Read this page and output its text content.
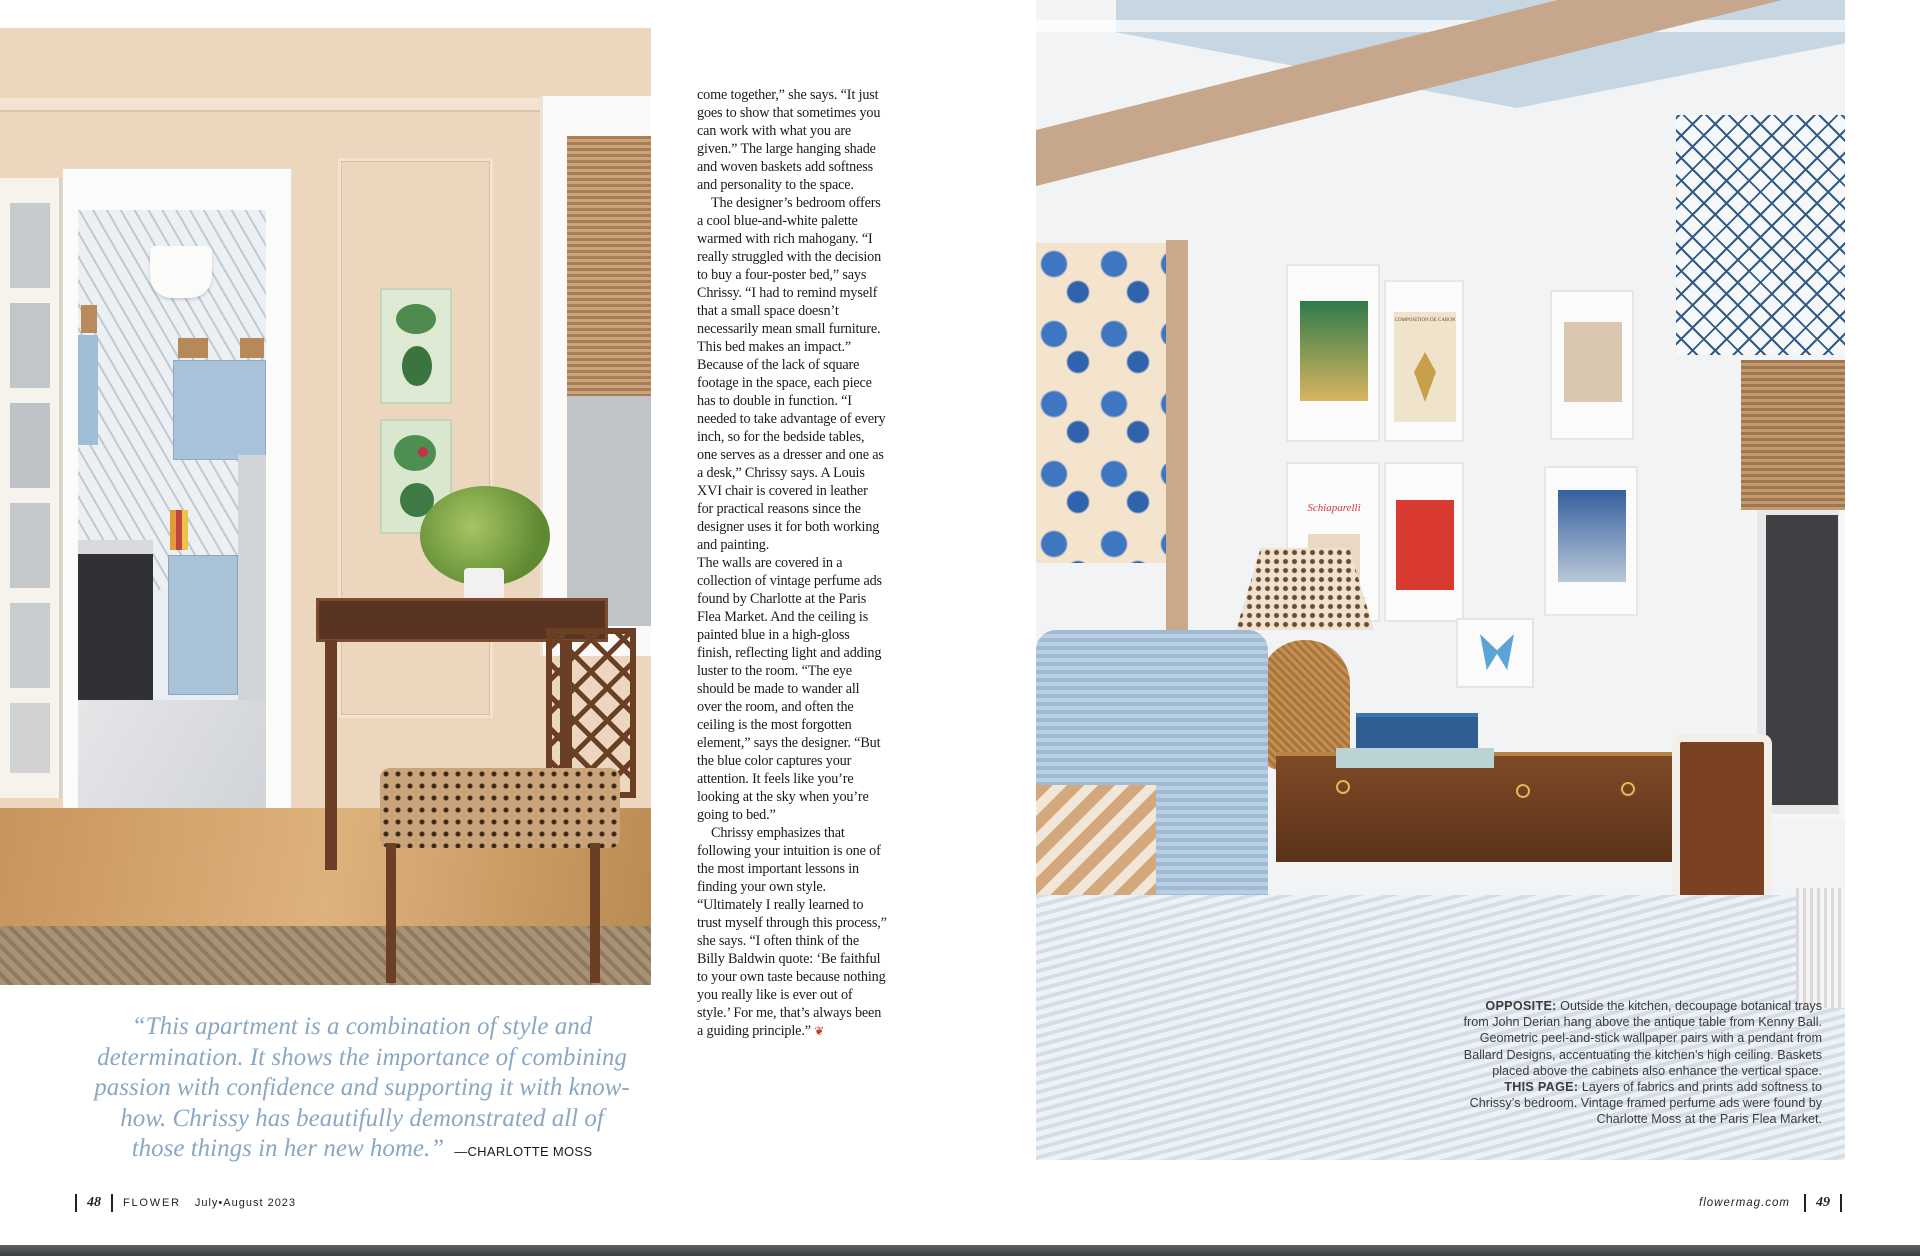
come together,” she says. “It just goes to show that sometimes you can work with what you are given.” The large hanging shade and woven baskets add softness and personality to the space.

The designer’s bedroom offers a cool blue-and-white palette warmed with rich mahogany. “I really struggled with the decision to buy a four-poster bed,” says Chrissy. “I had to remind myself that a small space doesn’t necessarily mean small furniture. This bed makes an impact.” Because of the lack of square footage in the space, each piece has to double in function. “I needed to take advantage of every inch, so for the bedside tables, one serves as a dresser and one as a desk,” Chrissy says. A Louis XVI chair is covered in leather for practical reasons since the designer uses it for both working and painting.

The walls are covered in a collection of vintage perfume ads found by Charlotte at the Paris Flea Market. And the ceiling is painted blue in a high-gloss finish, reflecting light and adding luster to the room. “The eye should be made to wander all over the room, and often the ceiling is the most forgotten element,” says the designer. “But the blue color captures your attention. It feels like you’re looking at the sky when you’re going to bed.”

Chrissy emphasizes that following your intuition is one of the most important lessons in finding your own style. “Ultimately I really learned to trust myself through this process,” she says. “I often think of the Billy Baldwin quote: ‘Be faithful to your own taste because nothing you really like is ever out of style.’ For me, that’s always been a guiding principle.” ❦

“This apartment is a combination of style and determination. It shows the importance of combining passion with confidence and supporting it with know-how. Chrissy has beautifully demonstrated all of those things in her new home.” —CHARLOTTE MOSS
COMPOSITION DE CARON
Schiaparelli
OPPOSITE: Outside the kitchen, decoupage botanical trays from John Derian hang above the antique table from Kenny Ball. Geometric peel-and-stick wallpaper pairs with a pendant from Ballard Designs, accentuating the kitchen’s high ceiling. Baskets placed above the cabinets also enhance the vertical space. THIS PAGE: Layers of fabrics and prints add softness to Chrissy’s bedroom. Vintage framed perfume ads were found by Charlotte Moss at the Paris Flea Market.
48 FLOWER July•August 2023	flowermag.com 49
